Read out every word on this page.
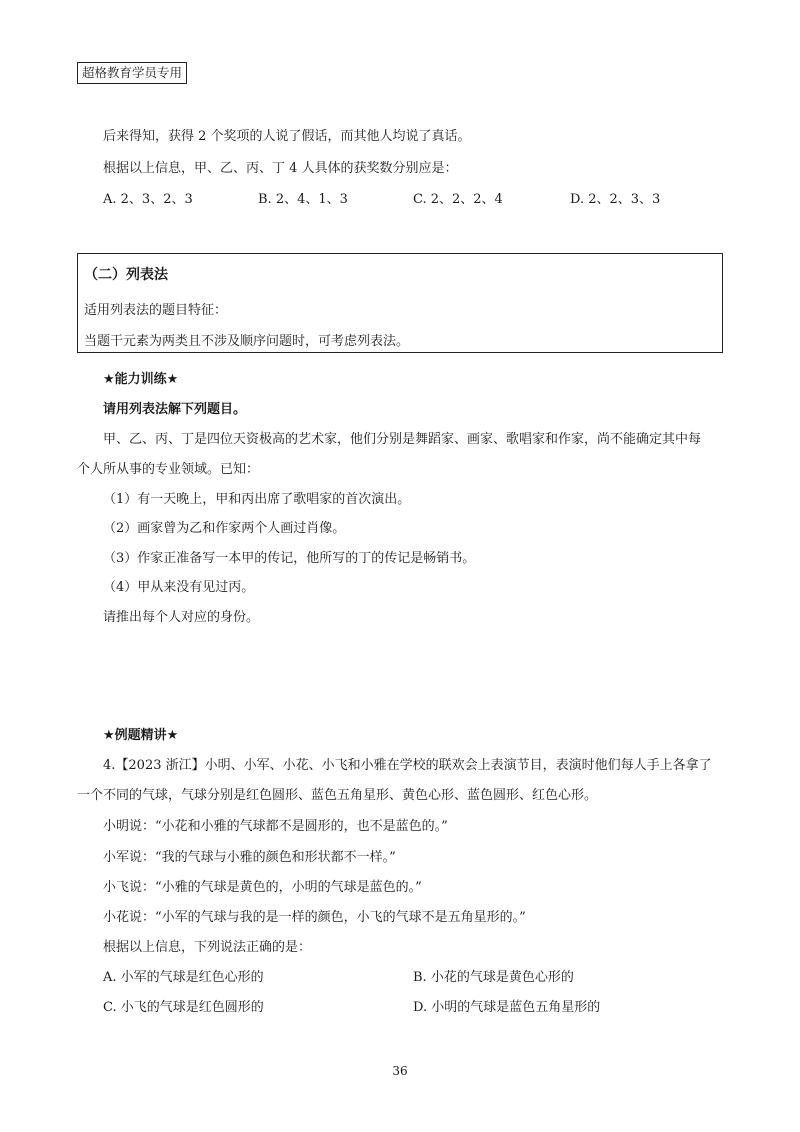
超格教育学员专用
后来得知，获得 2 个奖项的人说了假话，而其他人均说了真话。
根据以上信息，甲、乙、丙、丁 4 人具体的获奖数分别应是：
A. 2、3、2、3	B. 2、4、1、3	C. 2、2、2、4	D. 2、2、3、3
（二）列表法
适用列表法的题目特征：
当题干元素为两类且不涉及顺序问题时，可考虑列表法。
★能力训练★
请用列表法解下列题目。
甲、乙、丙、丁是四位天资极高的艺术家，他们分别是舞蹈家、画家、歌唱家和作家，尚不能确定其中每
个人所从事的专业领域。已知：
（1）有一天晚上，甲和丙出席了歌唱家的首次演出。
（2）画家曾为乙和作家两个人画过肖像。
（3）作家正准备写一本甲的传记，他所写的丁的传记是畅销书。
（4）甲从来没有见过丙。
请推出每个人对应的身份。
★例题精讲★
4.【2023 浙江】小明、小军、小花、小飞和小雅在学校的联欢会上表演节目，表演时他们每人手上各拿了
一个不同的气球，气球分别是红色圆形、蓝色五角星形、黄色心形、蓝色圆形、红色心形。
小明说：“小花和小雅的气球都不是圆形的，也不是蓝色的。”
小军说：“我的气球与小雅的颜色和形状都不一样。”
小飞说：“小雅的气球是黄色的，小明的气球是蓝色的。”
小花说：“小军的气球与我的是一样的颜色，小飞的气球不是五角星形的。”
根据以上信息，下列说法正确的是：
A. 小军的气球是红色心形的	B. 小花的气球是黄色心形的
C. 小飞的气球是红色圆形的	D. 小明的气球是蓝色五角星形的
36
